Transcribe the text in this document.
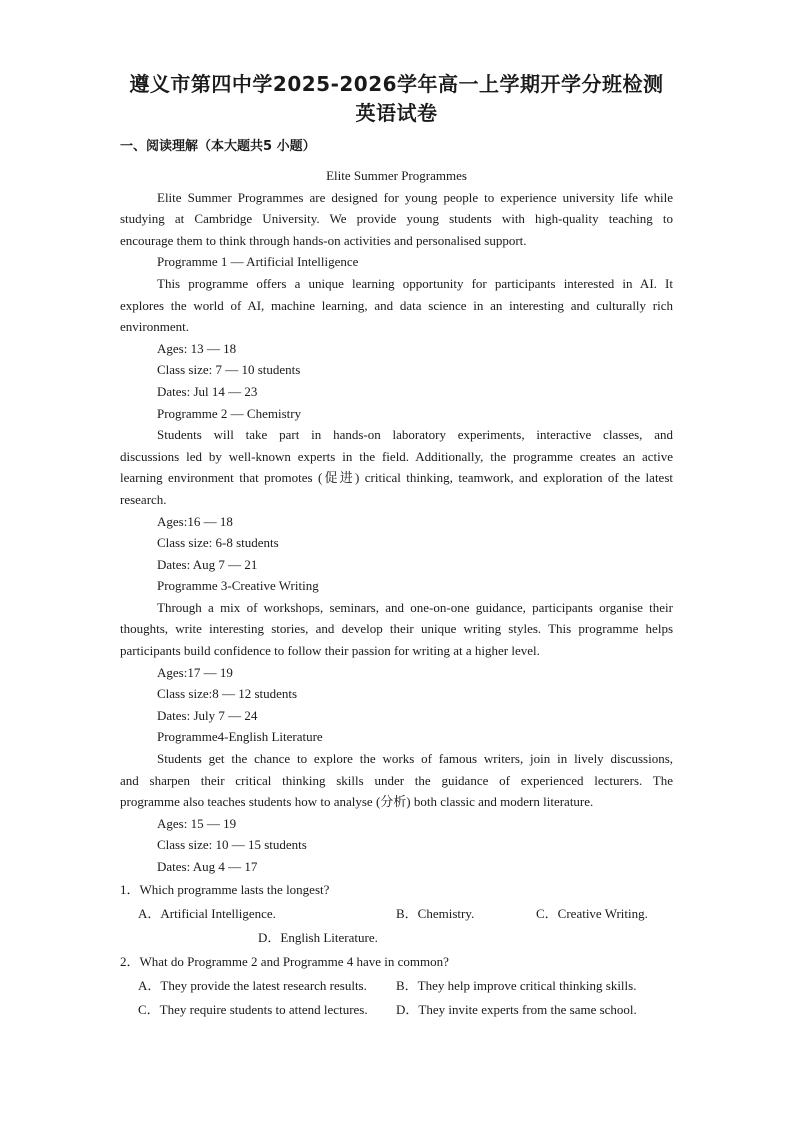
遵义市第四中学2025-2026学年高一上学期开学分班检测
英语试卷
一、阅读理解（本大题共5 小题）
Elite Summer Programmes
Elite Summer Programmes are designed for young people to experience university life while
studying at Cambridge University. We provide young students with high-quality teaching to
encourage them to think through hands-on activities and personalised support.
Programme 1 — Artificial Intelligence
This programme offers a unique learning opportunity for participants interested in AI. It
explores the world of AI, machine learning, and data science in an interesting and culturally rich
environment.
Ages: 13 — 18
Class size: 7 — 10 students
Dates: Jul 14 — 23
Programme 2 — Chemistry
Students will take part in hands-on laboratory experiments, interactive classes, and
discussions led by well-known experts in the field. Additionally, the programme creates an active
learning environment that promotes (促进) critical thinking, teamwork, and exploration of the latest
research.
Ages:16 — 18
Class size: 6-8 students
Dates: Aug 7 — 21
Programme 3-Creative Writing
Through a mix of workshops, seminars, and one-on-one guidance, participants organise their
thoughts, write interesting stories, and develop their unique writing styles. This programme helps
participants build confidence to follow their passion for writing at a higher level.
Ages:17 — 19
Class size:8 — 12 students
Dates: July 7 — 24
Programme4-English Literature
Students get the chance to explore the works of famous writers, join in lively discussions,
and sharpen their critical thinking skills under the guidance of experienced lecturers. The
programme also teaches students how to analyse (分析) both classic and modern literature.
Ages: 15 — 19
Class size: 10 — 15 students
Dates: Aug 4 — 17
1．Which programme lasts the longest?
A．Artificial Intelligence.	B．Chemistry.	C．Creative Writing.
D．English Literature.
2．What do Programme 2 and Programme 4 have in common?
A．They provide the latest research results. B．They help improve critical thinking skills.
C．They require students to attend lectures. D．They invite experts from the same school.
